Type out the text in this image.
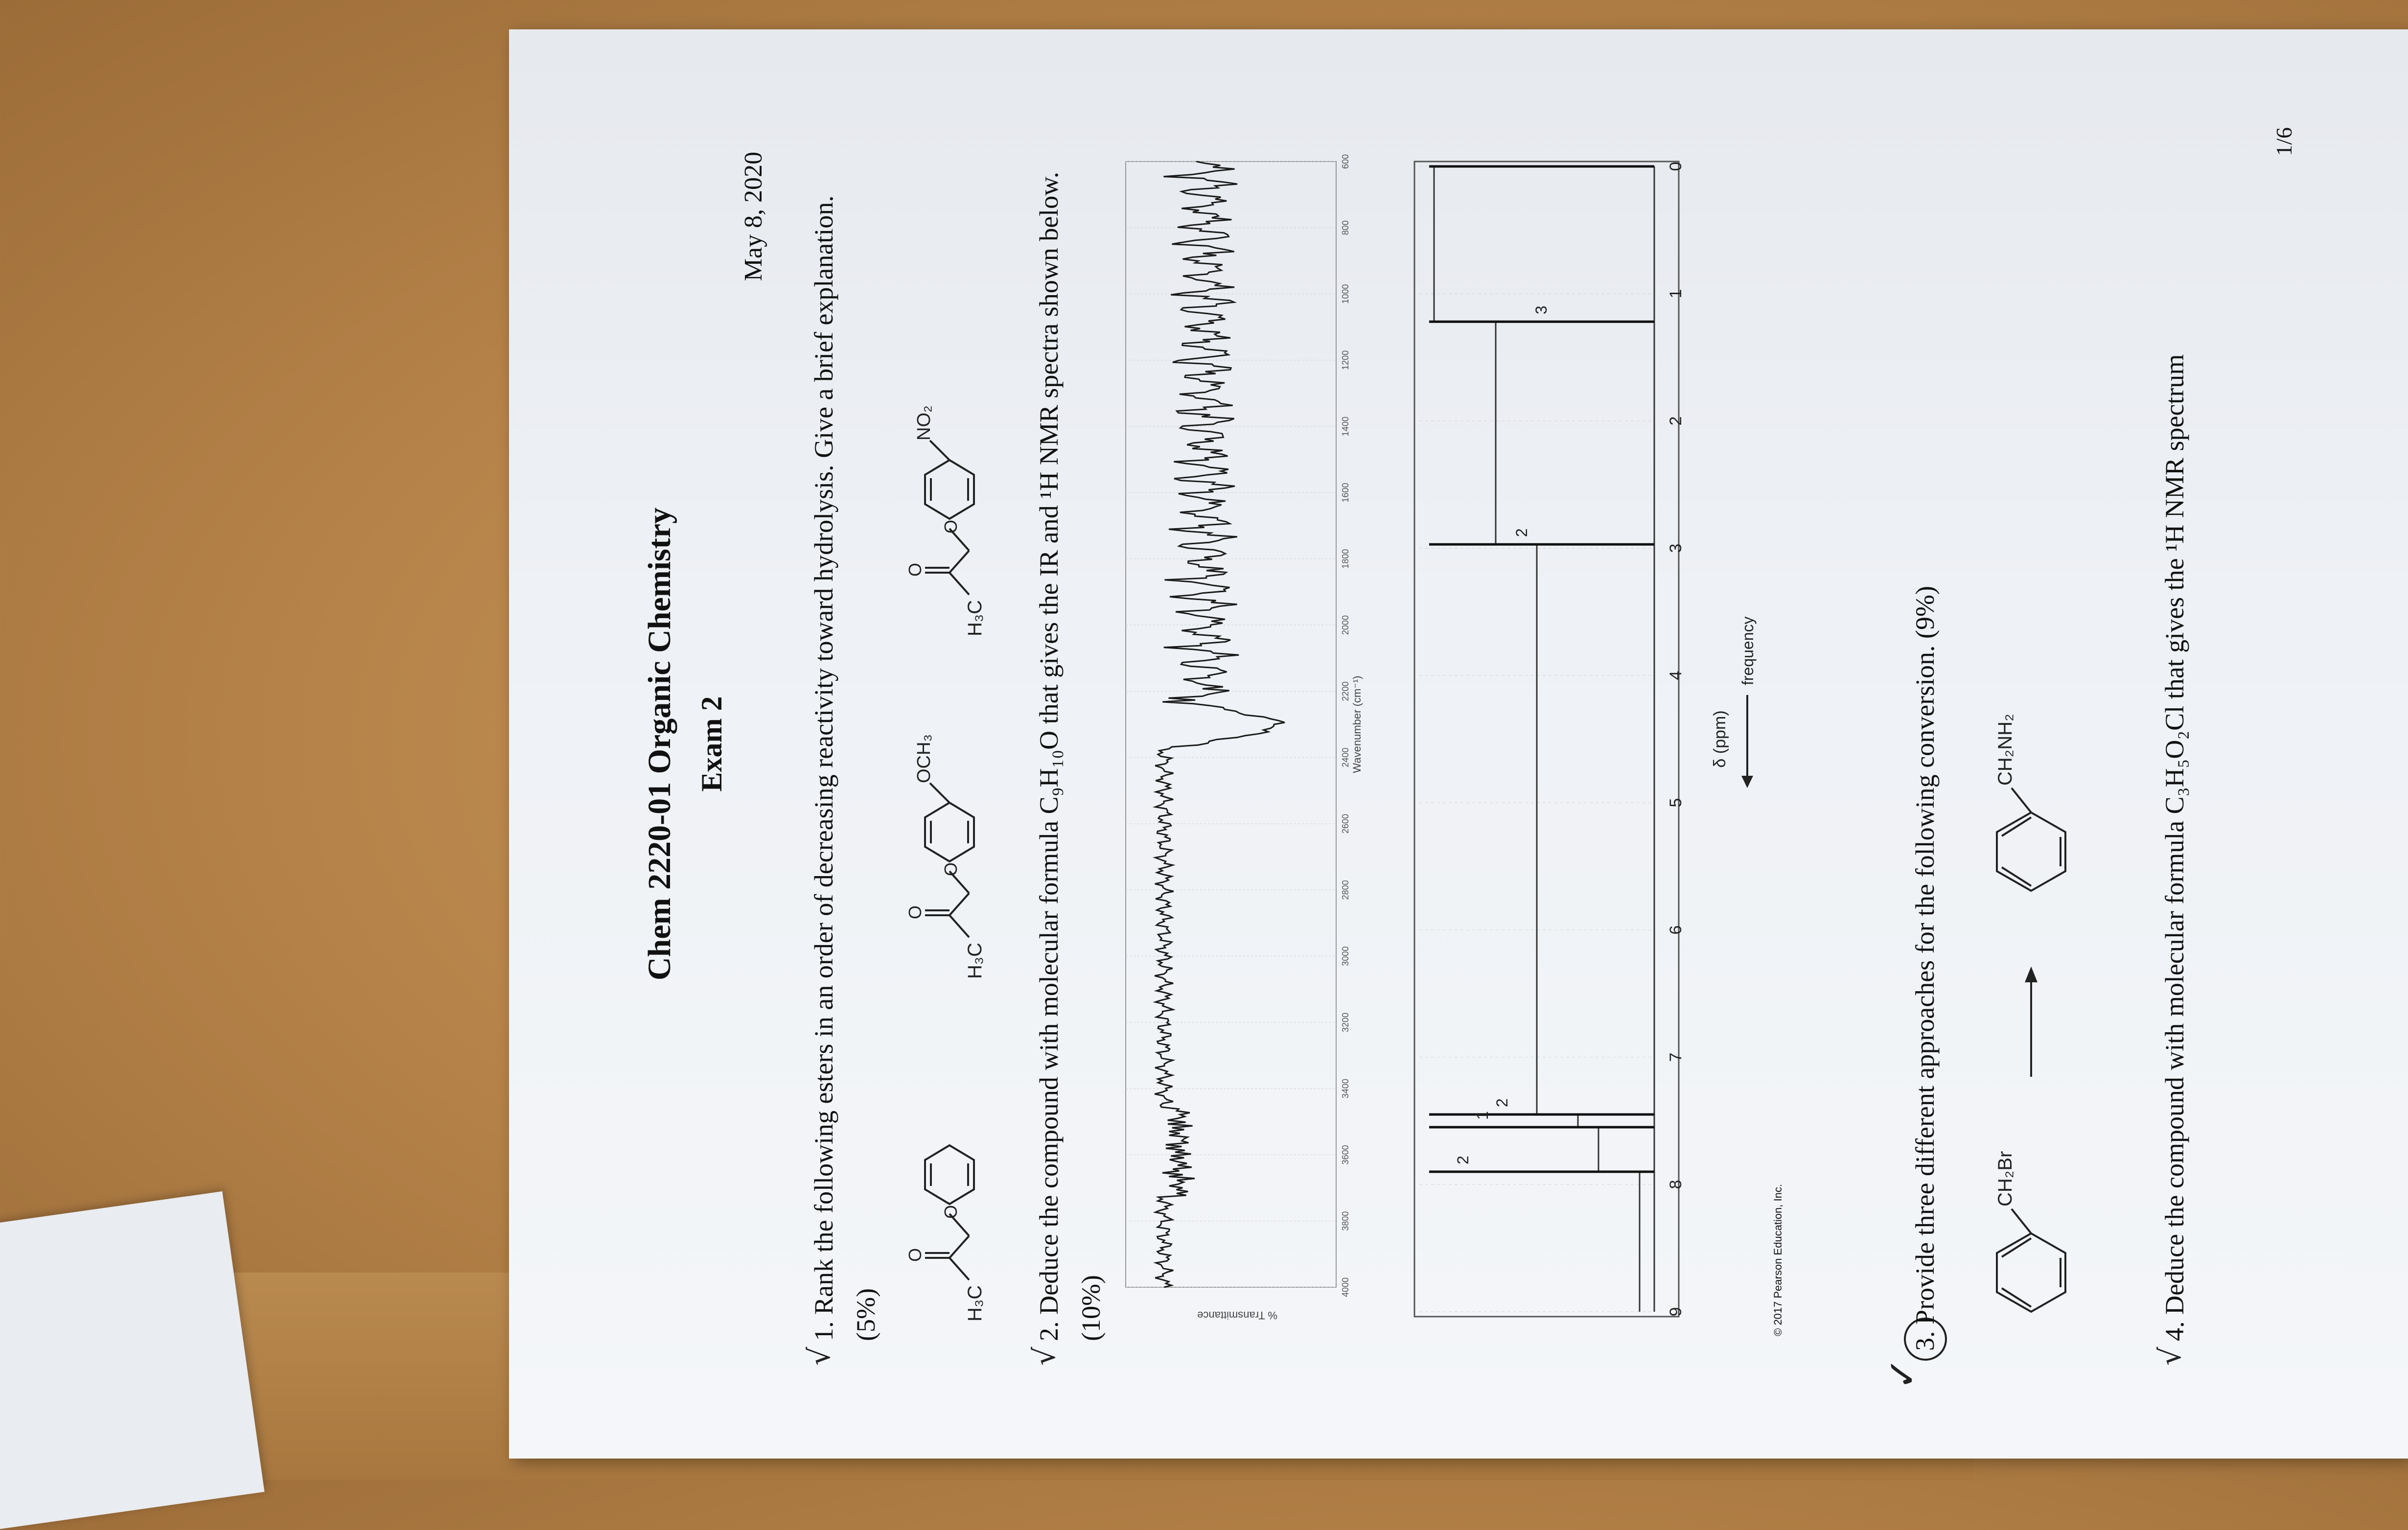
Chem 2220-01 Organic Chemistry Exam 2
May 8, 2020
√
1. Rank the following esters in an order of decreasing reactivity toward hydrolysis. Give a brief explanation. (5%)	H₃C
O
O
H₃C
O
O
OCH₃
H₃C
O
O
NO₂
√
2. Deduce the compound with molecular formula C₉H₁₀O that gives the IR and ¹H NMR spectra shown below. (10%)	4000
3800
3600
3400
3200
3000
2800
2600
2400
2200
2000
1800
1600
1400
1200
1000
800
600
% Transmittance
Wavenumber (cm⁻¹)
9
8
7
6
5
4
3
2
1
0
2
1
2
2
3
δ (ppm)
frequency
© 2017 Pearson Education, Inc.
✓
3. Provide three different approaches for the following conversion. (9%)	CH₂Br
CH₂NH₂
√
4. Deduce the compound with molecular formula C₃H₅O₂Cl that gives the ¹H NMR spectrum
1/6
